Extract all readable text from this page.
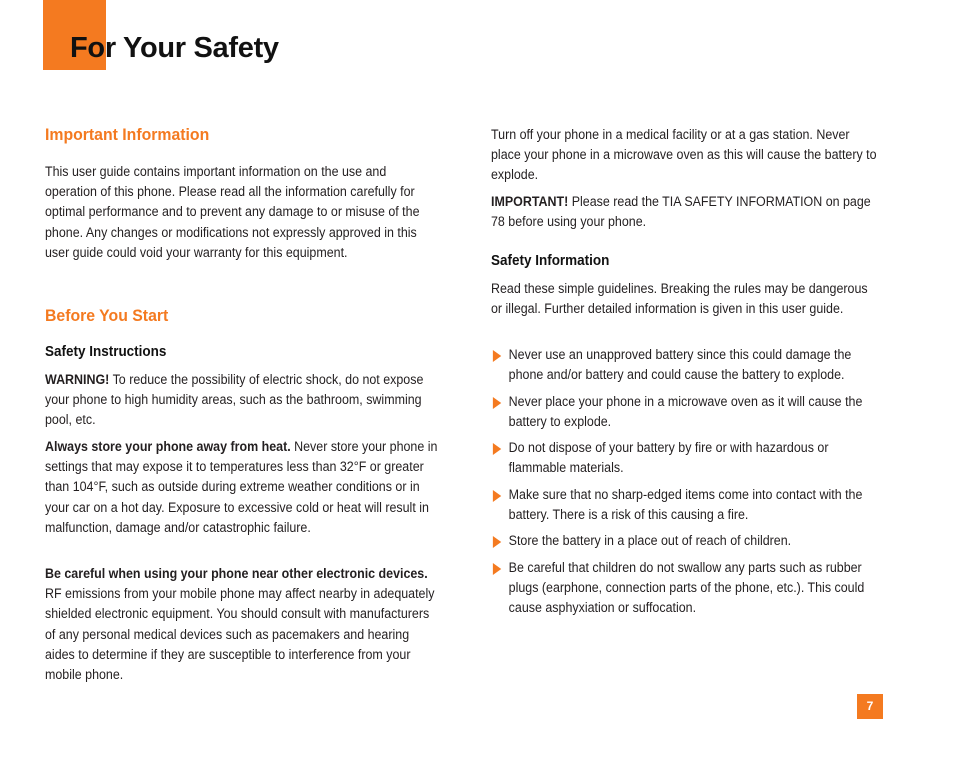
For Your Safety
Important Information

This user guide contains important information on the use and operation of this phone. Please read all the information carefully for optimal performance and to prevent any damage to or misuse of the phone. Any changes or modifications not expressly approved in this user guide could void your warranty for this equipment.

Before You Start
Safety Instructions

WARNING! To reduce the possibility of electric shock, do not expose your phone to high humidity areas, such as the bathroom, swimming pool, etc.

Always store your phone away from heat. Never store your phone in settings that may expose it to temperatures less than 32°F or greater than 104°F, such as outside during extreme weather conditions or in your car on a hot day. Exposure to excessive cold or heat will result in malfunction, damage and/or catastrophic failure.

Be careful when using your phone near other electronic devices. RF emissions from your mobile phone may affect nearby in adequately shielded electronic equipment. You should consult with manufacturers of any personal medical devices such as pacemakers and hearing aides to determine if they are susceptible to interference from your mobile phone.

Turn off your phone in a medical facility or at a gas station. Never place your phone in a microwave oven as this will cause the battery to explode.

IMPORTANT! Please read the TIA SAFETY INFORMATION on page 78 before using your phone.

Safety Information

Read these simple guidelines. Breaking the rules may be dangerous or illegal. Further detailed information is given in this user guide.

Never use an unapproved battery since this could damage the phone and/or battery and could cause the battery to explode.
Never place your phone in a microwave oven as it will cause the battery to explode.
Do not dispose of your battery by fire or with hazardous or flammable materials.
Make sure that no sharp-edged items come into contact with the battery. There is a risk of this causing a fire.
Store the battery in a place out of reach of children.
Be careful that children do not swallow any parts such as rubber plugs (earphone, connection parts of the phone, etc.). This could cause asphyxiation or suffocation.
7
